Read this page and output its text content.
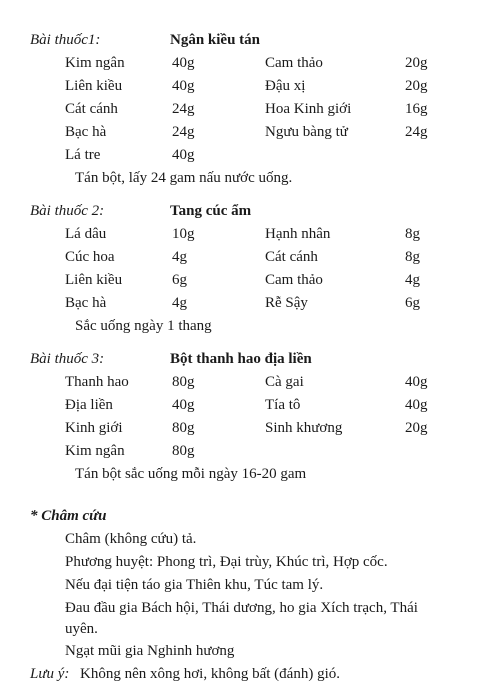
Bài thuốc1:	Ngân kiều tán
Kim ngân	40g	Cam thảo	20g
Liên kiều	40g	Đậu xị	20g
Cát cánh	24g	Hoa Kinh giới	16g
Bạc hà	24g	Ngưu bàng tử	24g
Lá tre	40g
Tán bột, lấy 24 gam nấu nước uống.
Bài thuốc 2:	Tang cúc ẩm
Lá dâu	10g	Hạnh nhân	8g
Cúc hoa	4g	Cát cánh	8g
Liên kiều	6g	Cam thảo	4g
Bạc hà	4g	Rễ Sậy	6g
Sắc uống ngày 1 thang
Bài thuốc 3:	Bột thanh hao địa liền
Thanh hao	80g	Cà gai	40g
Địa liền	40g	Tía tô	40g
Kinh giới	80g	Sinh khương	20g
Kim ngân	80g
Tán bột sắc uống mỗi ngày 16-20 gam
* Châm cứu
Châm (không cứu) tả.
Phương huyệt: Phong trì, Đại trùy, Khúc trì, Hợp cốc.
Nếu đại tiện táo gia Thiên khu, Túc tam lý.
Đau đầu gia Bách hội, Thái dương, ho gia Xích trạch, Thái
uyên.
Ngạt mũi gia Nghinh hương
Lưu ý: Không nên xông hơi, không bất (đánh) gió.
